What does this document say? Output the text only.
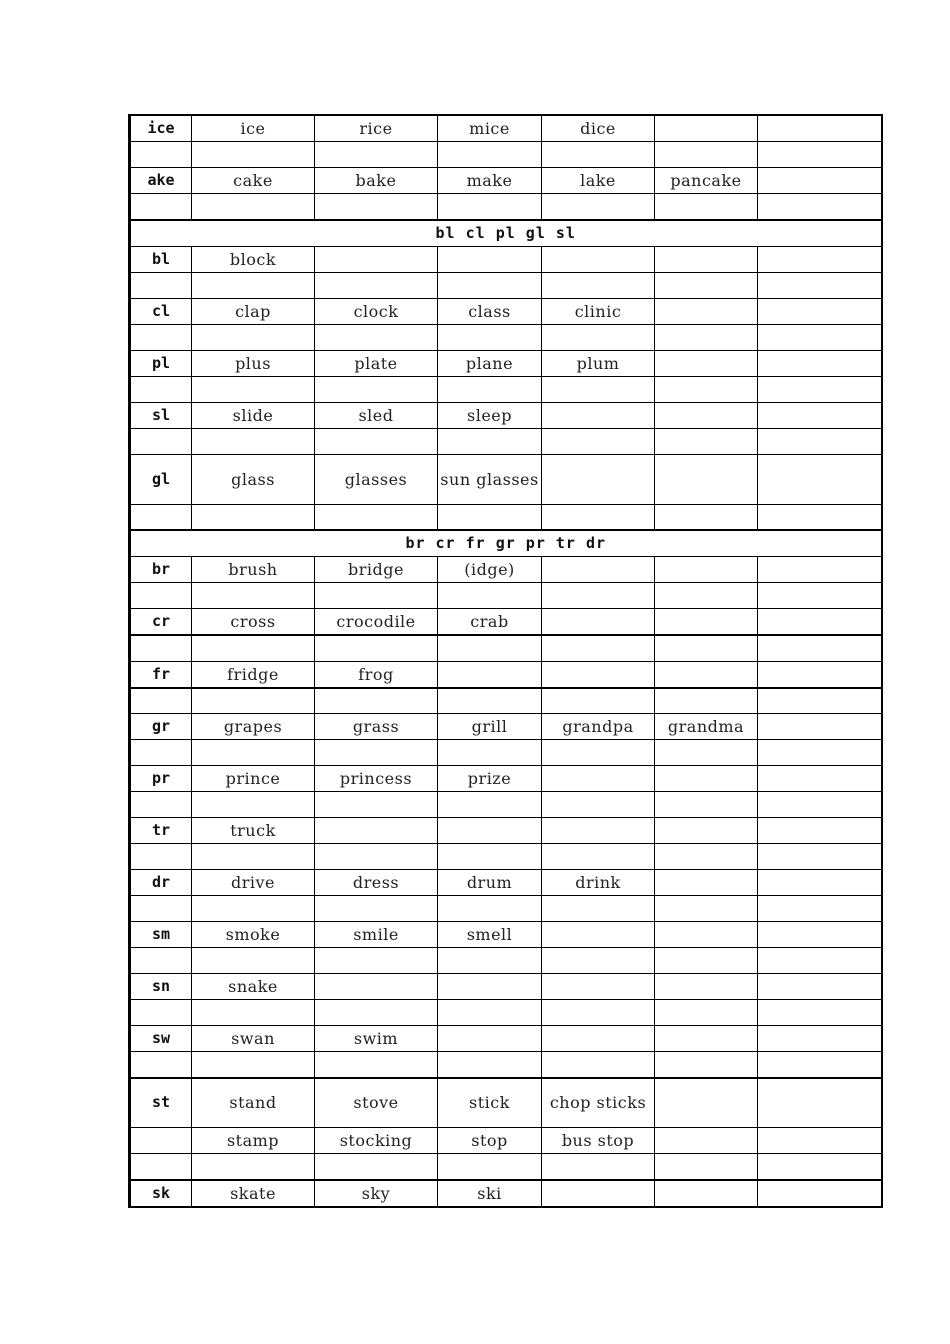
ice	ice	rice	mice	dice		

ake	cake	bake	make	lake	pancake	

bl cl pl gl sl						
bl	block					

cl	clap	clock	class	clinic		

pl	plus	plate	plane	plum		

sl	slide	sled	sleep			

gl	glass	glasses	sun glasses			

br cr fr gr pr tr dr						
br	brush	bridge	(idge)			

cr	cross	crocodile	crab			

fr	fridge	frog				

gr	grapes	grass	grill	grandpa	grandma	

pr	prince	princess	prize			

tr	truck					

dr	drive	dress	drum	drink		

sm	smoke	smile	smell			

sn	snake					

sw	swan	swim				

st	stand	stove	stick	chop sticks		
	stamp	stocking	stop	bus stop		

sk	skate	sky	ski			
